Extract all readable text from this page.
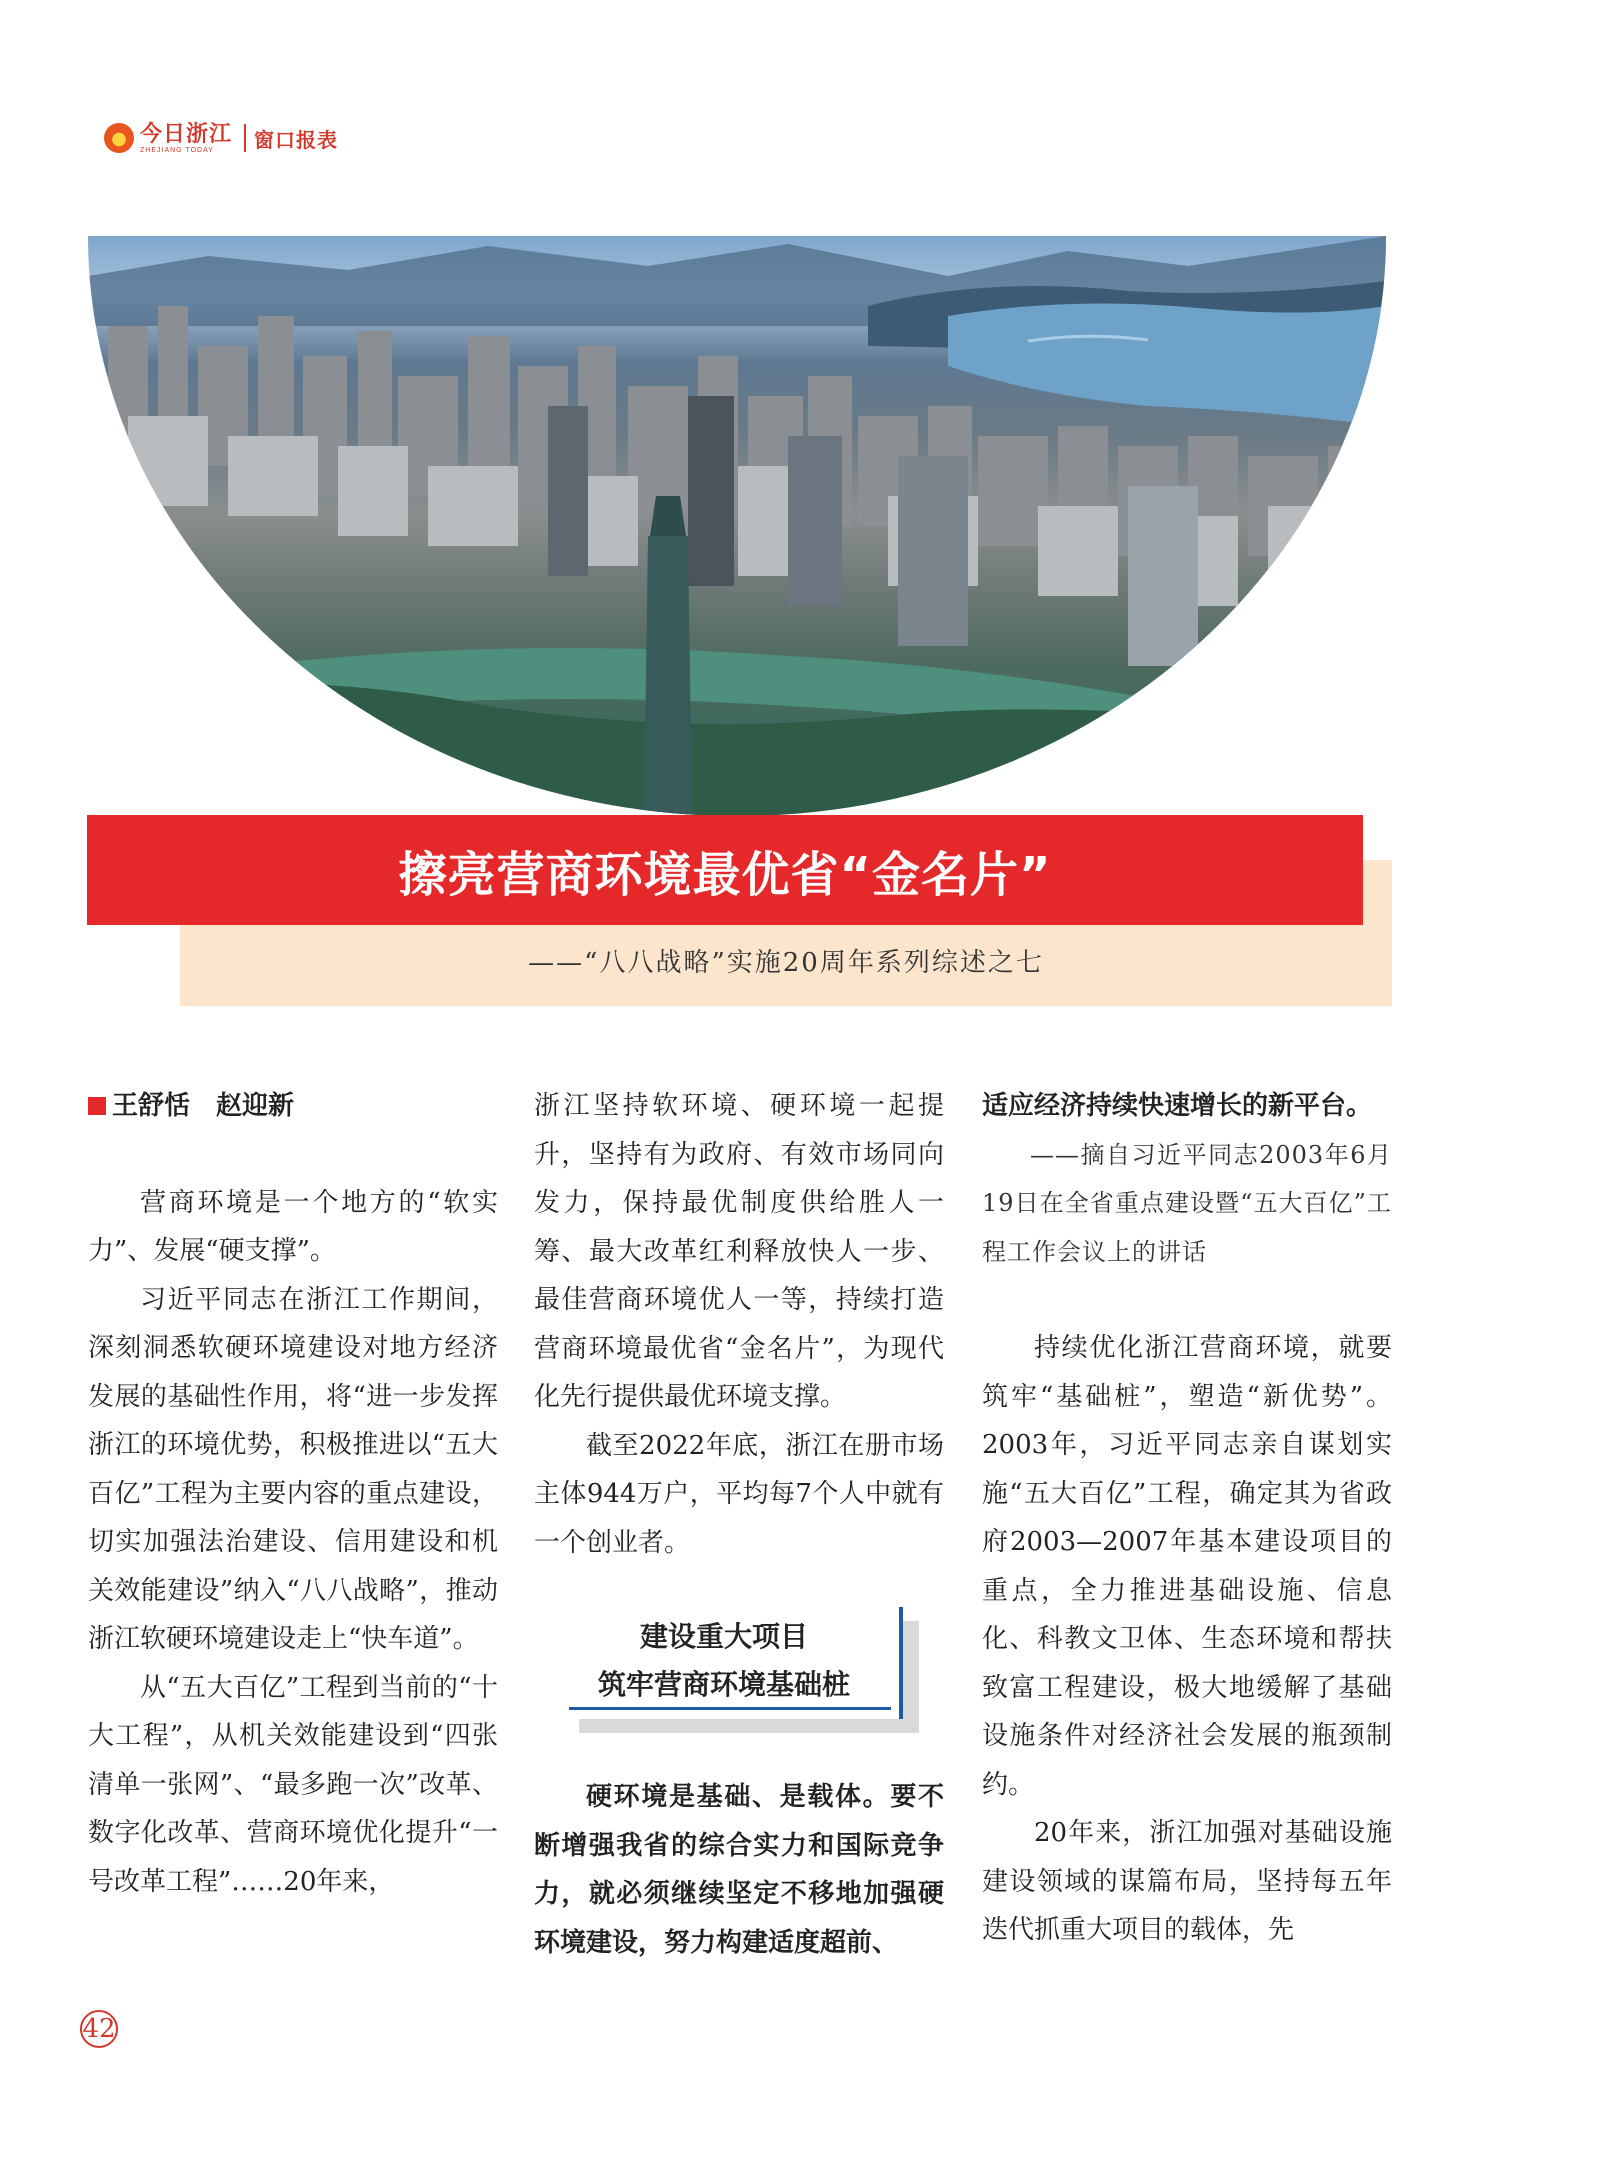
今日浙江
ZHEJIANG TODAY	窗口报表
擦亮营商环境最优省“金名片”

——“八八战略”实施20周年系列综述之七

王舒恬　赵迎新

营商环境是一个地方的“软实力”、发展“硬支撑”。

习近平同志在浙江工作期间，深刻洞悉软硬环境建设对地方经济发展的基础性作用，将“进一步发挥浙江的环境优势，积极推进以“五大百亿”工程为主要内容的重点建设，切实加强法治建设、信用建设和机关效能建设”纳入“八八战略”，推动浙江软硬环境建设走上“快车道”。

从“五大百亿”工程到当前的“十大工程”，从机关效能建设到“四张清单一张网”、“最多跑一次”改革、数字化改革、营商环境优化提升“一号改革工程”……20年来，

浙江坚持软环境、硬环境一起提升，坚持有为政府、有效市场同向发力，保持最优制度供给胜人一筹、最大改革红利释放快人一步、最佳营商环境优人一等，持续打造营商环境最优省“金名片”，为现代化先行提供最优环境支撑。

截至2022年底，浙江在册市场主体944万户，平均每7个人中就有一个创业者。

建设重大项目
筑牢营商环境基础桩

硬环境是基础、是载体。要不断增强我省的综合实力和国际竞争力，就必须继续坚定不移地加强硬环境建设，努力构建适度超前、

适应经济持续快速增长的新平台。

——摘自习近平同志2003年6月19日在全省重点建设暨“五大百亿”工程工作会议上的讲话

持续优化浙江营商环境，就要筑牢“基础桩”，塑造“新优势”。2003年，习近平同志亲自谋划实施“五大百亿”工程，确定其为省政府2003—2007年基本建设项目的重点，全力推进基础设施、信息化、科教文卫体、生态环境和帮扶致富工程建设，极大地缓解了基础设施条件对经济社会发展的瓶颈制约。

20年来，浙江加强对基础设施建设领域的谋篇布局，坚持每五年迭代抓重大项目的载体，先

42
